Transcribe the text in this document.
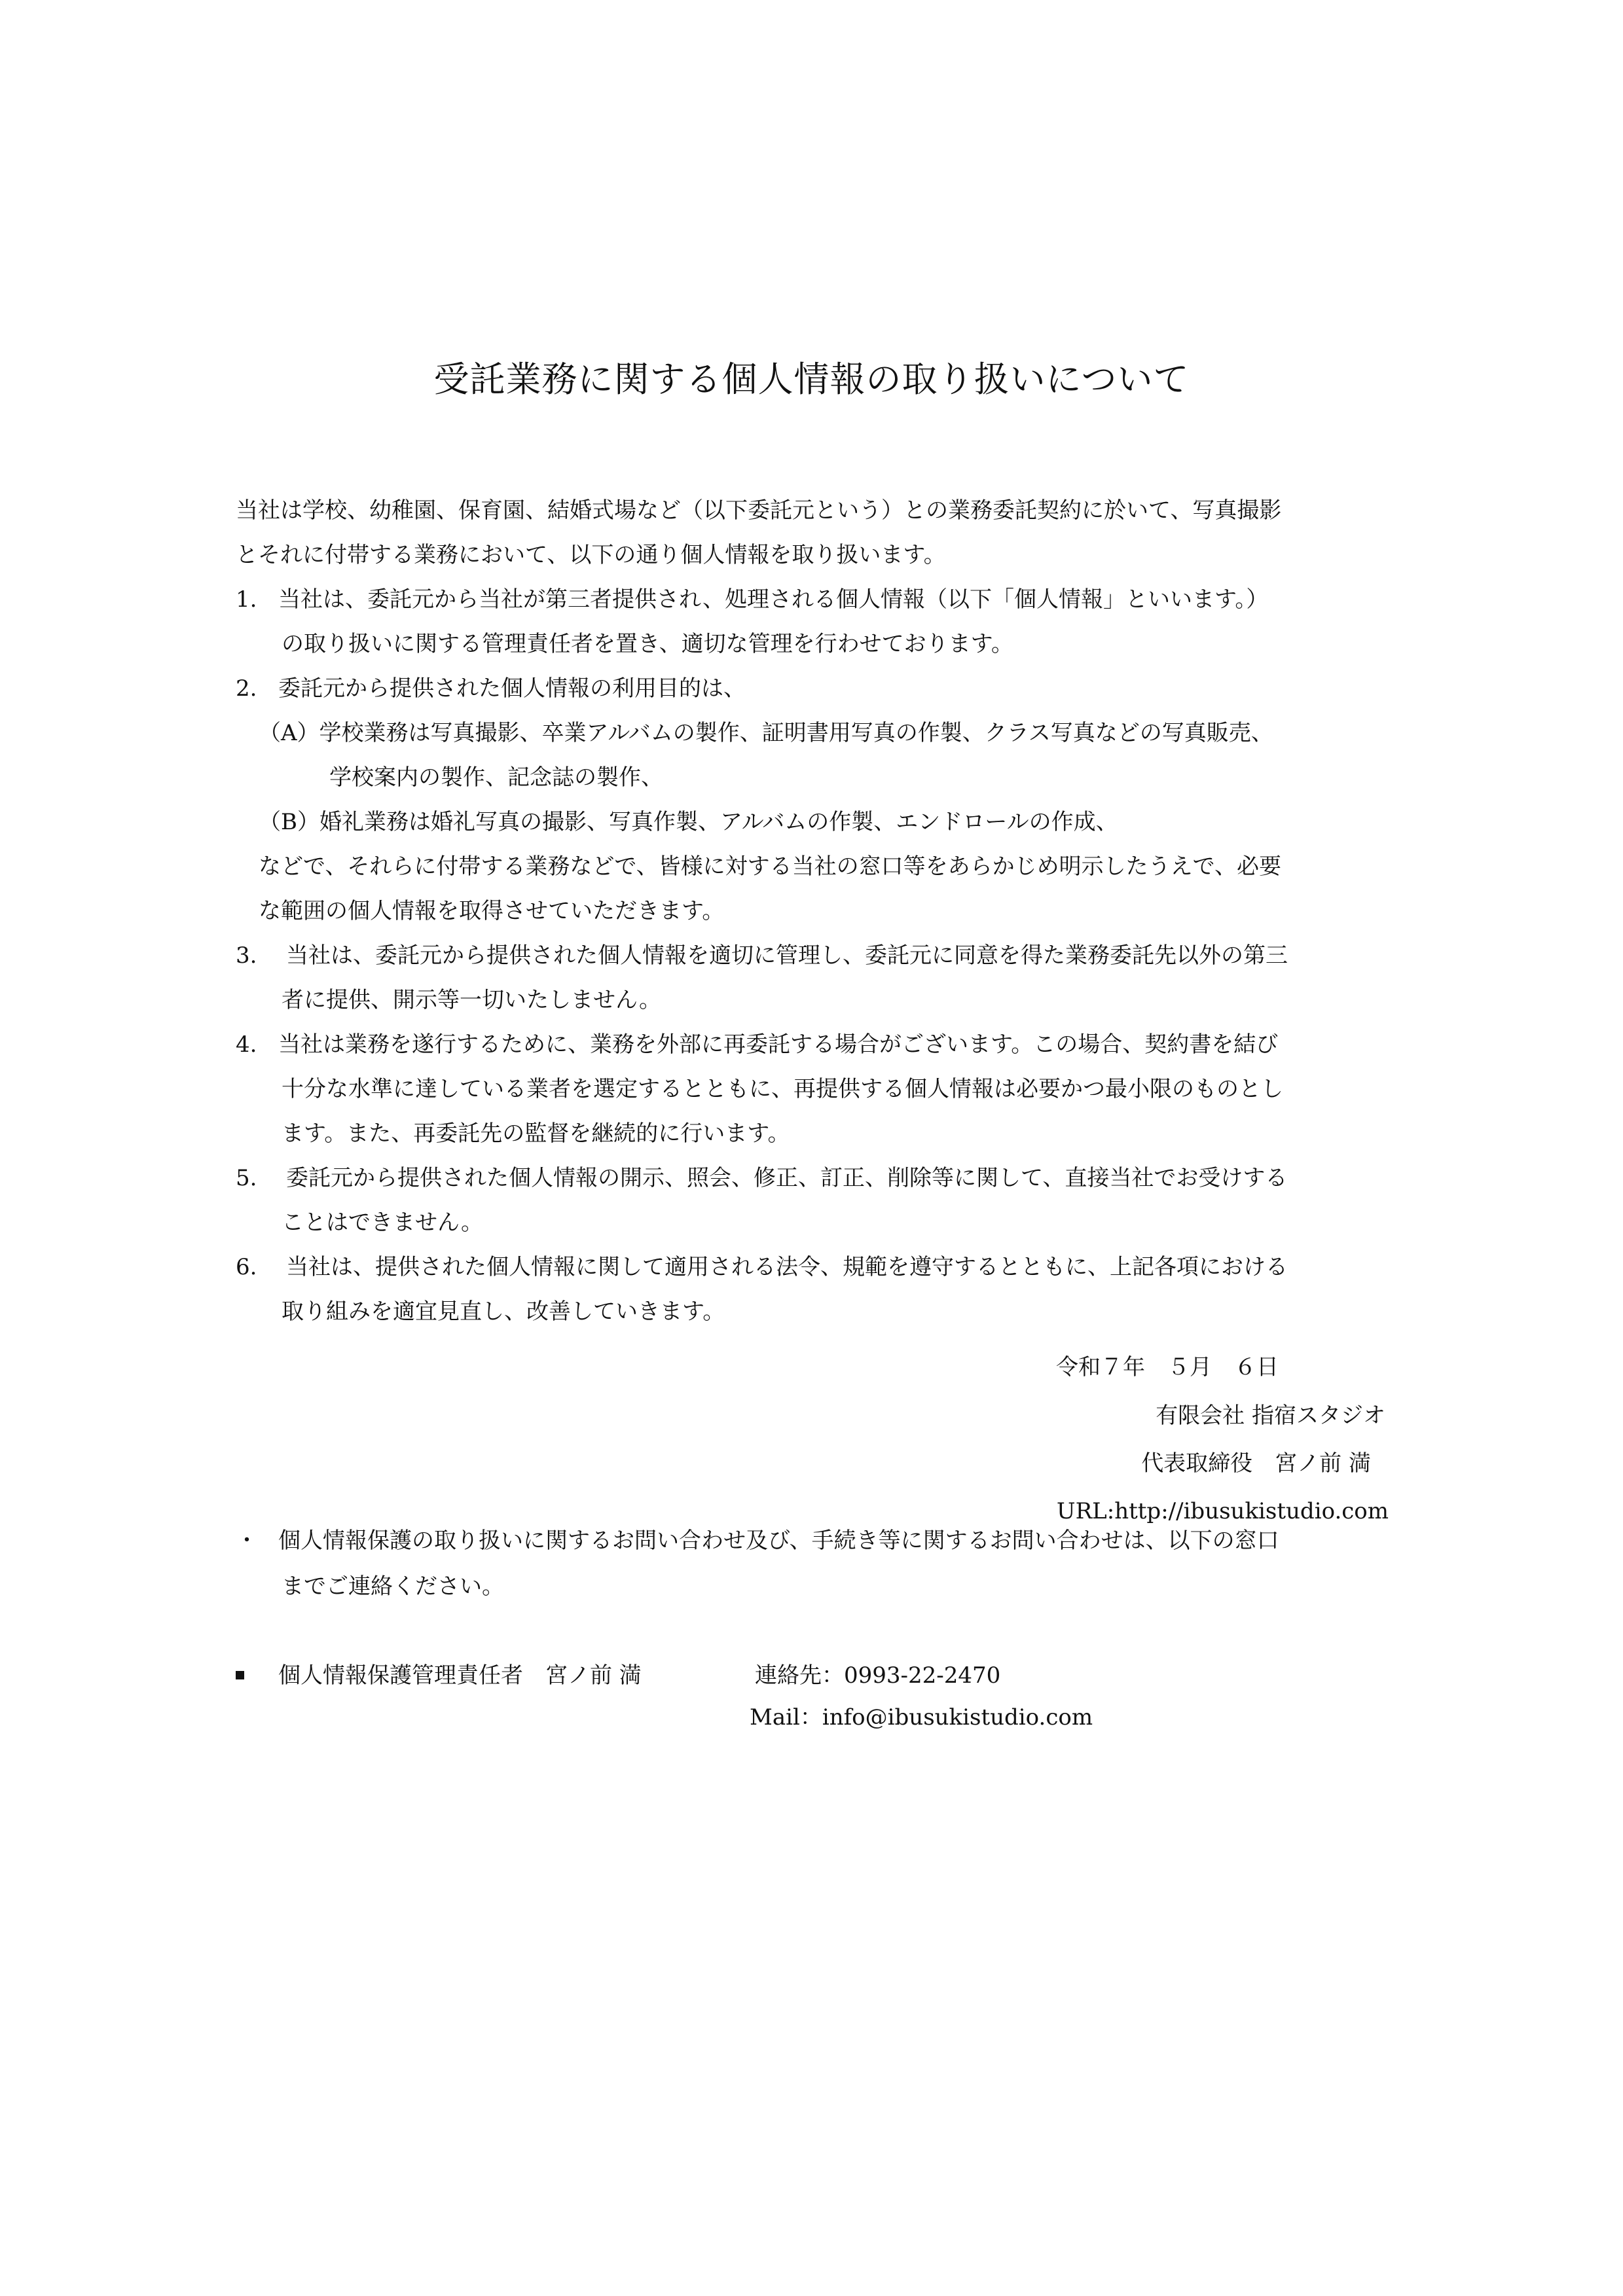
受託業務に関する個人情報の取り扱いについて
当社は学校、幼稚園、保育園、結婚式場など（以下委託元という）との業務委託契約に於いて、写真撮影
とそれに付帯する業務において、以下の通り個人情報を取り扱います。
1. 当社は、委託元から当社が第三者提供され、処理される個人情報（以下「個人情報」といいます。）
の取り扱いに関する管理責任者を置き、適切な管理を行わせております。
2. 委託元から提供された個人情報の利用目的は、
（A）学校業務は写真撮影、卒業アルバムの製作、証明書用写真の作製、クラス写真などの写真販売、
学校案内の製作、記念誌の製作、
（B）婚礼業務は婚礼写真の撮影、写真作製、アルバムの作製、エンドロールの作成、
などで、それらに付帯する業務などで、皆様に対する当社の窓口等をあらかじめ明示したうえで、必要
な範囲の個人情報を取得させていただきます。
3. 当社は、委託元から提供された個人情報を適切に管理し、委託元に同意を得た業務委託先以外の第三
者に提供、開示等一切いたしません。
4. 当社は業務を遂行するために、業務を外部に再委託する場合がございます。この場合、契約書を結び
十分な水準に達している業者を選定するとともに、再提供する個人情報は必要かつ最小限のものとし
ます。また、再委託先の監督を継続的に行います。
5. 委託元から提供された個人情報の開示、照会、修正、訂正、削除等に関して、直接当社でお受けする
ことはできません。
6. 当社は、提供された個人情報に関して適用される法令、規範を遵守するとともに、上記各項における
取り組みを適宜見直し、改善していきます。
令和７年　５月　６日
有限会社 指宿スタジオ
代表取締役　宮ノ前 満
URL:http://ibusukistudio.com
・ 個人情報保護の取り扱いに関するお問い合わせ及び、手続き等に関するお問い合わせは、以下の窓口
までご連絡ください。
個人情報保護管理責任者　宮ノ前 満	連絡先：0993-22-2470
Mail：info@ibusukistudio.com
